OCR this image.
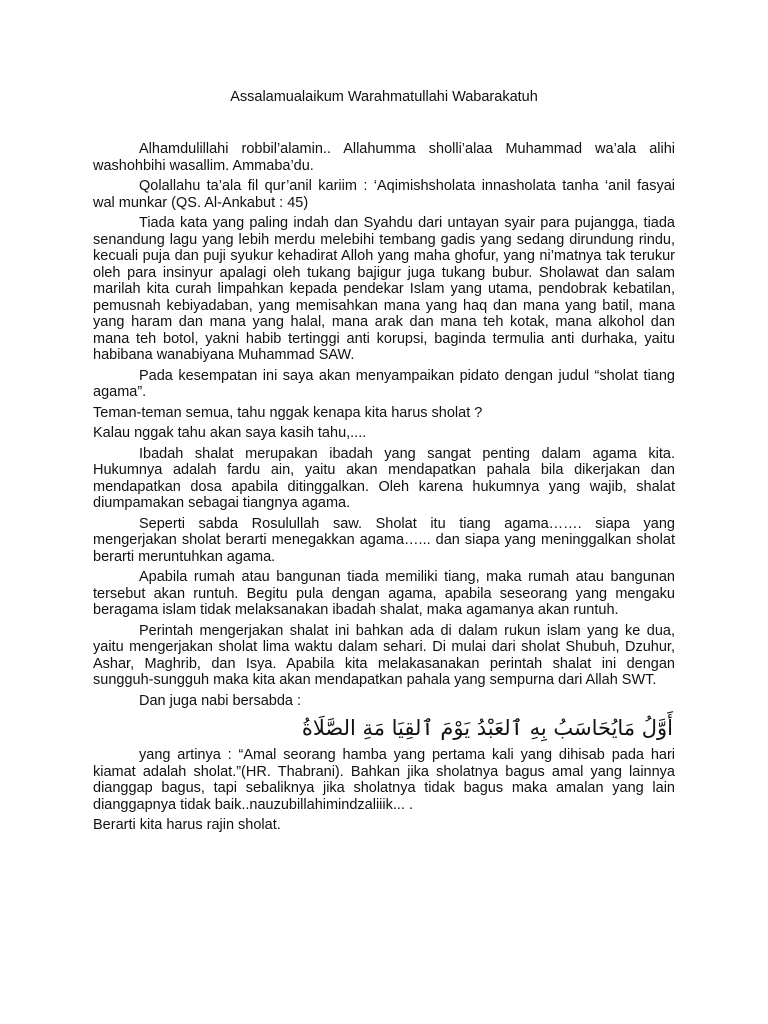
Assalamualaikum Warahmatullahi Wabarakatuh

Alhamdulillahi robbil’alamin.. Allahumma sholli’alaa Muhammad wa’ala alihi washohbihi wasallim. Ammaba’du.

Qolallahu ta’ala fil qur’anil kariim : ‘Aqimishsholata innasholata tanha ‘anil fasyai wal munkar (QS. Al-Ankabut : 45)

Tiada kata yang paling indah dan Syahdu dari untayan syair para pujangga, tiada senandung lagu yang lebih merdu melebihi tembang gadis yang sedang dirundung rindu, kecuali puja dan puji syukur kehadirat Alloh yang maha ghofur, yang ni’matnya tak terukur oleh para insinyur apalagi oleh tukang bajigur juga tukang bubur. Sholawat dan salam marilah kita curah limpahkan kepada pendekar Islam yang utama, pendobrak kebatilan, pemusnah kebiyadaban, yang memisahkan mana yang haq dan mana yang batil, mana yang haram dan mana yang halal, mana arak dan mana teh kotak, mana alkohol dan mana teh botol, yakni habib tertinggi anti korupsi, baginda termulia anti durhaka, yaitu habibana wanabiyana Muhammad SAW.

Pada kesempatan ini saya akan menyampaikan pidato dengan judul “sholat tiang agama”.

Teman-teman semua, tahu nggak kenapa kita harus sholat ?

Kalau nggak tahu akan saya kasih tahu,....

Ibadah shalat merupakan ibadah yang sangat penting dalam agama kita. Hukumnya adalah fardu ain, yaitu akan mendapatkan pahala bila dikerjakan dan mendapatkan dosa apabila ditinggalkan. Oleh karena hukumnya yang wajib, shalat diumpamakan sebagai tiangnya agama.

Seperti sabda Rosulullah saw. Sholat itu tiang agama……. siapa yang mengerjakan sholat berarti menegakkan agama…... dan siapa yang meninggalkan sholat berarti meruntuhkan agama.

Apabila rumah atau bangunan tiada memiliki tiang, maka rumah atau bangunan tersebut akan runtuh. Begitu pula dengan agama, apabila seseorang yang mengaku beragama islam tidak melaksanakan ibadah shalat, maka agamanya akan runtuh.

Perintah mengerjakan shalat ini bahkan ada di dalam rukun islam yang ke dua, yaitu mengerjakan sholat lima waktu dalam sehari. Di mulai dari sholat Shubuh, Dzuhur, Ashar, Maghrib, dan Isya. Apabila kita melakasanakan perintah shalat ini dengan sungguh-sungguh maka kita akan mendapatkan pahala yang sempurna dari Allah SWT.

Dan juga nabi bersabda :

أَوَّلُ مَايُحَاسَبُ بِهِ ٱلعَبْدُ يَوْمَ ٱلقِيَا مَةِ الصَّلَاةُ

yang artinya : “Amal seorang hamba yang pertama kali yang dihisab pada hari kiamat adalah sholat.”(HR. Thabrani). Bahkan jika sholatnya bagus amal yang lainnya dianggap bagus, tapi sebaliknya jika sholatnya tidak bagus maka amalan yang lain dianggapnya tidak baik..nauzubillahimindzaliiik... .

Berarti kita harus rajin sholat.
